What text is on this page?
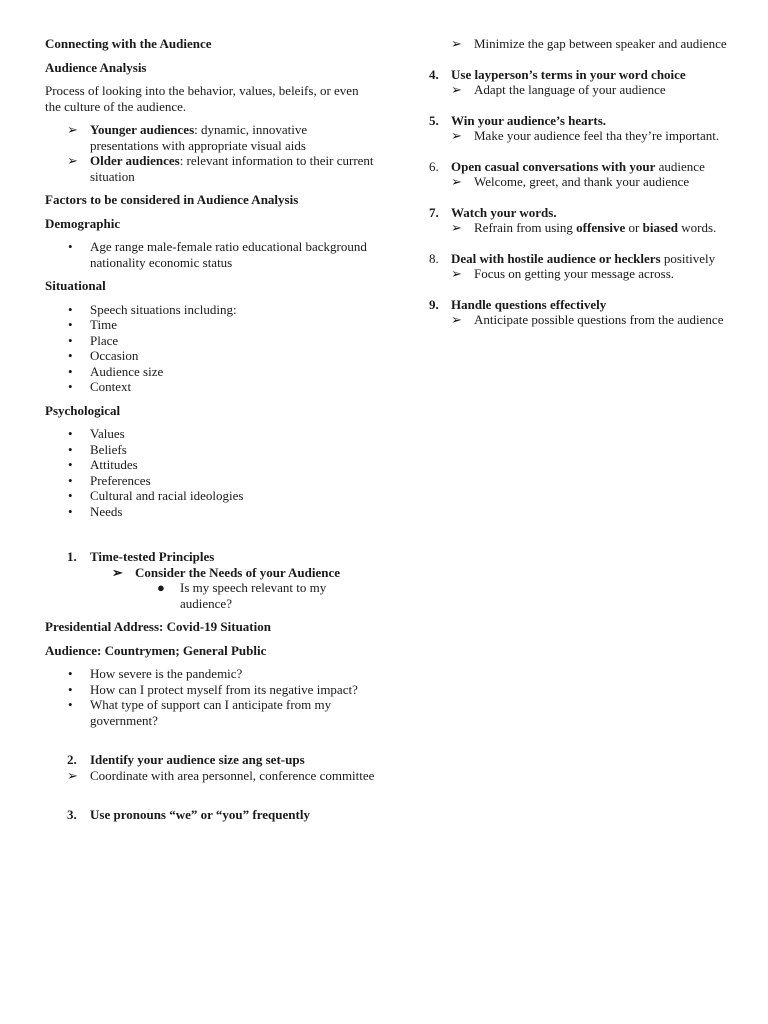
Connecting with the Audience

Audience Analysis

Process of looking into the behavior, values, beleifs, or even the culture of the audience.

➢ Younger audiences: dynamic, innovative presentations with appropriate visual aids
➢ Older audiences: relevant information to their current situation

Factors to be considered in Audience Analysis

Demographic

•	Age range male-female ratio educational background nationality economic status

Situational

•	Speech situations including:
•	Time
•	Place
•	Occasion
•	Audience size
•	Context

Psychological

•	Values
•	Beliefs
•	Attitudes
•	Preferences
•	Cultural and racial ideologies
•	Needs
1. Time-tested Principles
➢ Consider the Needs of your Audience
● Is my speech relevant to my audience?

Presidential Address: Covid-19 Situation

Audience: Countrymen; General Public

•	How severe is the pandemic?
•	How can I protect myself from its negative impact?
•	What type of support can I anticipate from my government?
2. Identify your audience size ang set-ups
➢ Coordinate with area personnel, conference committee
3. Use pronouns “we” or “you” frequently
➢ Minimize the gap between speaker and audience
4. Use layperson’s terms in your word choice
➢ Adapt the language of your audience
5. Win your audience’s hearts.
➢ Make your audience feel tha they’re important.
6. Open casual conversations with your audience
➢ Welcome, greet, and thank your audience
7. Watch your words.
➢ Refrain from using offensive or biased words.
8. Deal with hostile audience or hecklers positively
➢ Focus on getting your message across.
9. Handle questions effectively
➢ Anticipate possible questions from the audience
